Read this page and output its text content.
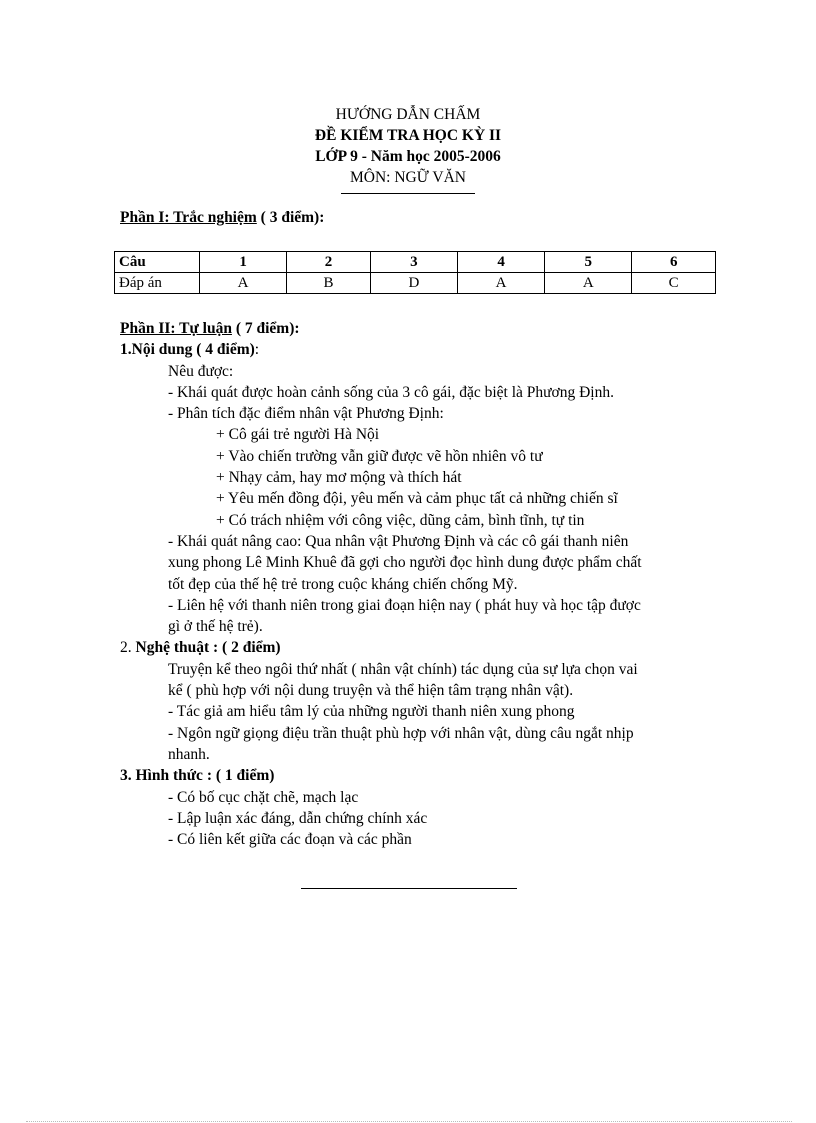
HƯỚNG DẪN CHẤM
ĐỀ KIỂM TRA HỌC KỲ II
LỚP 9 - Năm học 2005-2006
MÔN: NGỮ VĂN
Phần I: Trắc nghiệm ( 3 điểm):
Câu	1	2	3	4	5	6
Đáp án	A	B	D	A	A	C
Phần II: Tự luận ( 7 điểm):
1.Nội dung ( 4 điểm):
Nêu được:
- Khái quát được hoàn cảnh sống của 3 cô gái, đặc biệt là Phương Định.
- Phân tích đặc điểm nhân vật Phương Định:
+ Cô gái trẻ người Hà Nội
+ Vào chiến trường vẫn giữ được vẽ hồn nhiên vô tư
+ Nhạy cảm, hay mơ mộng và thích hát
+ Yêu mến đồng đội, yêu mến và cảm phục tất cả những chiến sĩ
+ Có trách nhiệm với công việc, dũng cảm, bình tĩnh, tự tin
- Khái quát nâng cao: Qua nhân vật Phương Định và các cô gái thanh niên
xung phong Lê Minh Khuê đã gợi cho người đọc hình dung được phẩm chất
tốt đẹp của thế hệ trẻ trong cuộc kháng chiến chống Mỹ.
- Liên hệ với thanh niên trong giai đoạn hiện nay ( phát huy và học tập được
gì ở thế hệ trẻ).
2. Nghệ thuật : ( 2 điểm)
Truyện kể theo ngôi thứ nhất ( nhân vật chính) tác dụng của sự lựa chọn vai
kể ( phù hợp với nội dung truyện và thể hiện tâm trạng nhân vật).
- Tác giả am hiểu tâm lý của những người thanh niên xung phong
- Ngôn ngữ giọng điệu trần thuật phù hợp với nhân vật, dùng câu ngắt nhịp
nhanh.
3. Hình thức : ( 1 điểm)
- Có bố cục chặt chẽ, mạch lạc
- Lập luận xác đáng, dẫn chứng chính xác
- Có liên kết giữa các đoạn và các phần
